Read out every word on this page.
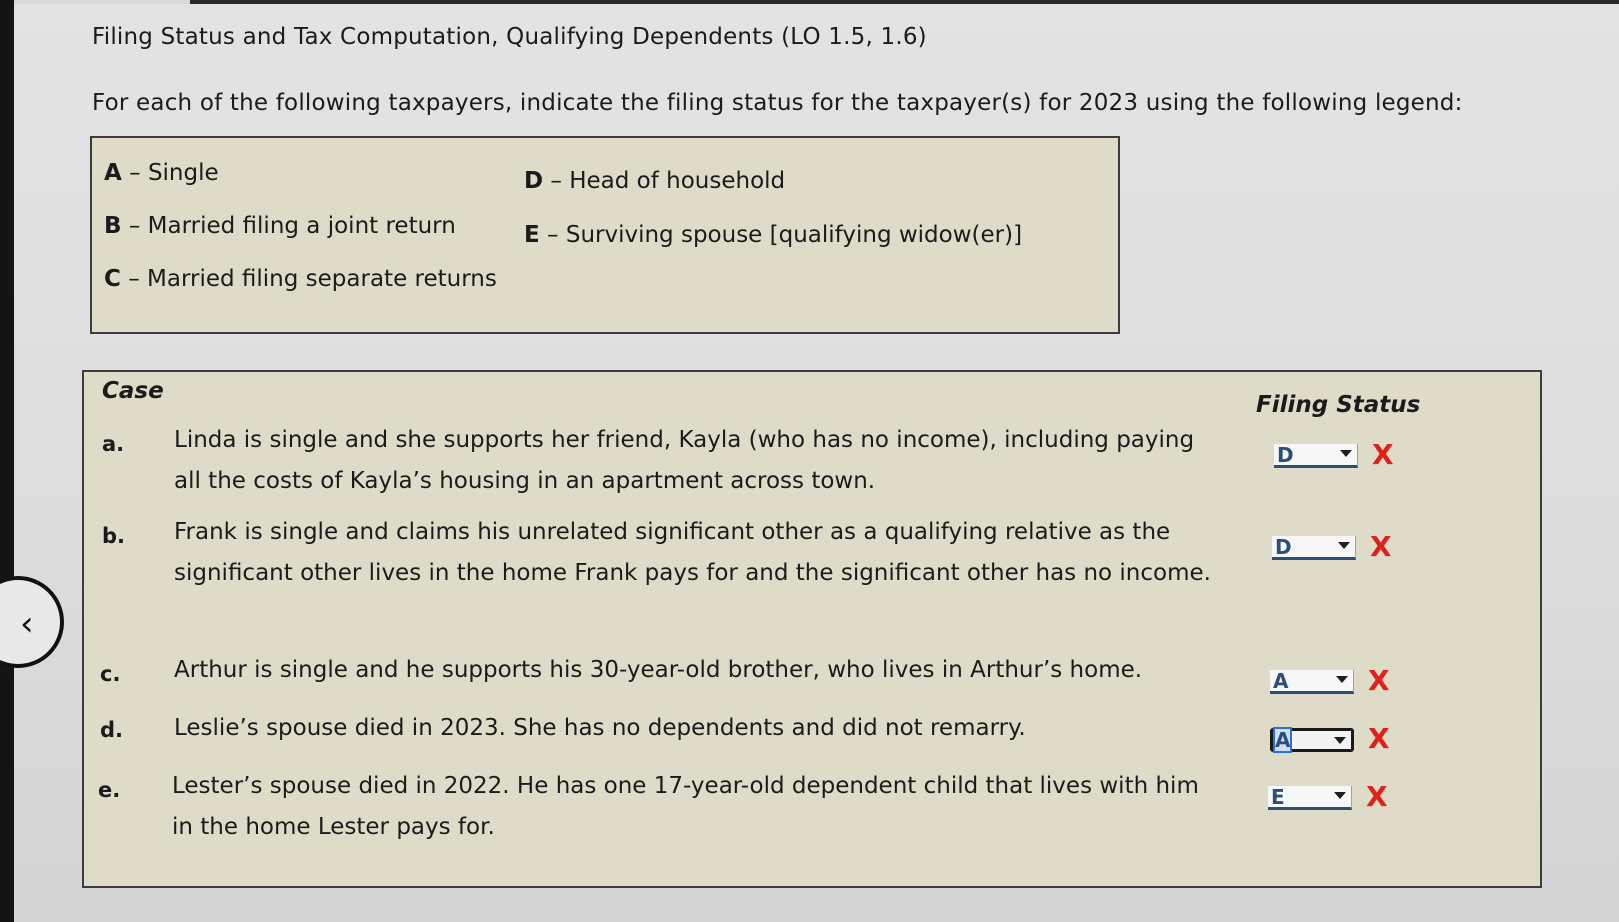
‹
Filing Status and Tax Computation, Qualifying Dependents (LO 1.5, 1.6)
For each of the following taxpayers, indicate the filing status for the taxpayer(s) for 2023 using the following legend:
A – Single
B – Married filing a joint return
C – Married filing separate returns
D – Head of household
E – Surviving spouse [qualifying widow(er)]
Case
Filing Status
a. Linda is single and she supports her friend, Kayla (who has no income), including paying all the costs of Kayla’s housing in an apartment across town.
D	X
b. Frank is single and claims his unrelated significant other as a qualifying relative as the significant other lives in the home Frank pays for and the significant other has no income.
D	X
c. Arthur is single and he supports his 30-year-old brother, who lives in Arthur’s home.	A	X
d. Leslie’s spouse died in 2023. She has no dependents and did not remarry.	A	X
e. Lester’s spouse died in 2022. He has one 17-year-old dependent child that lives with him in the home Lester pays for.
E	X
